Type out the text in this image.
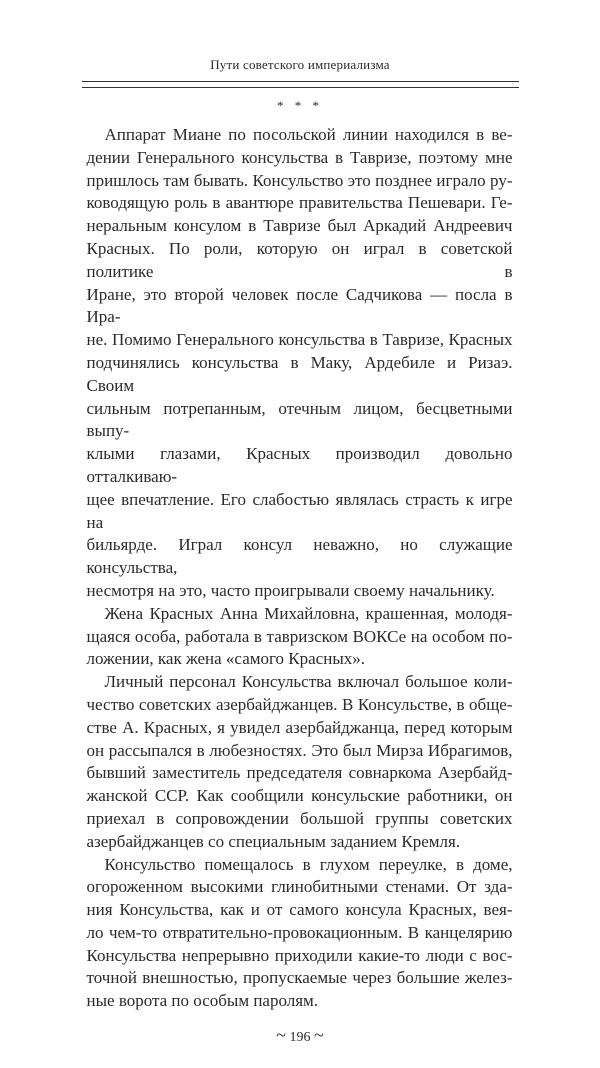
Пути советского империализма
* * *
Аппарат Миане по посольской линии находился в ве-
дении Генерального консульства в Тавризе, поэтому мне
пришлось там бывать. Консульство это позднее играло ру-
ководящую роль в авантюре правительства Пешевари. Ге-
неральным консулом в Тавризе был Аркадий Андреевич
Красных. По роли, которую он играл в советской политике в
Иране, это второй человек после Садчикова — посла в Ира-
не. Помимо Генерального консульства в Тавризе, Красных
подчинялись консульства в Маку, Ардебиле и Ризаэ. Своим
сильным потрепанным, отечным лицом, бесцветными выпу-
клыми глазами, Красных производил довольно отталкиваю-
щее впечатление. Его слабостью являлась страсть к игре на
бильярде. Играл консул неважно, но служащие консульства,
несмотря на это, часто проигрывали своему начальнику.
Жена Красных Анна Михайловна, крашенная, молодя-
щаяся особа, работала в тавризском ВОКСе на особом по-
ложении, как жена «самого Красных».
Личный персонал Консульства включал большое коли-
чество советских азербайджанцев. В Консульстве, в обще-
стве А. Красных, я увидел азербайджанца, перед которым
он рассыпался в любезностях. Это был Мирза Ибрагимов,
бывший заместитель председателя совнаркома Азербайд-
жанской ССР. Как сообщили консульские работники, он
приехал в сопровождении большой группы советских
азербайджанцев со специальным заданием Кремля.
Консульство помещалось в глухом переулке, в доме,
огороженном высокими глинобитными стенами. От зда-
ния Консульства, как и от самого консула Красных, вея-
ло чем-то отвратительно-провокационным. В канцелярию
Консульства непрерывно приходили какие-то люди с вос-
точной внешностью, пропускаемые через большие желез-
ные ворота по особым паролям.
~ 196 ~
